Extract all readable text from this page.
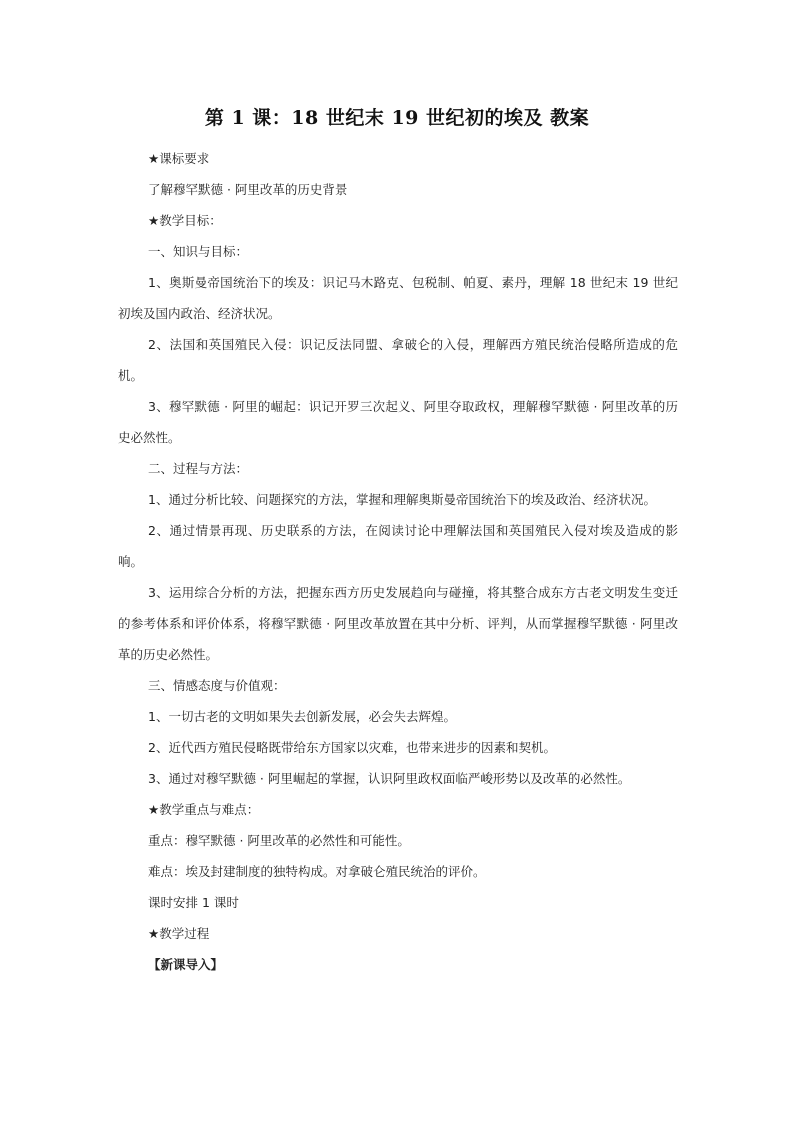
第 1 课：18 世纪末 19 世纪初的埃及 教案

★课标要求

了解穆罕默德 · 阿里改革的历史背景

★教学目标：

一、知识与目标：

1、奥斯曼帝国统治下的埃及：识记马木路克、包税制、帕夏、素丹，理解 18 世纪末 19 世纪初埃及国内政治、经济状况。

2、法国和英国殖民入侵：识记反法同盟、拿破仑的入侵，理解西方殖民统治侵略所造成的危机。

3、穆罕默德 · 阿里的崛起：识记开罗三次起义、阿里夺取政权，理解穆罕默德 · 阿里改革的历史必然性。

二、过程与方法：

1、通过分析比较、问题探究的方法，掌握和理解奥斯曼帝国统治下的埃及政治、经济状况。

2、通过情景再现、历史联系的方法，在阅读讨论中理解法国和英国殖民入侵对埃及造成的影响。

3、运用综合分析的方法，把握东西方历史发展趋向与碰撞，将其整合成东方古老文明发生变迁的参考体系和评价体系，将穆罕默德 · 阿里改革放置在其中分析、评判，从而掌握穆罕默德 · 阿里改革的历史必然性。

三、情感态度与价值观：

1、一切古老的文明如果失去创新发展，必会失去辉煌。

2、近代西方殖民侵略既带给东方国家以灾难，也带来进步的因素和契机。

3、通过对穆罕默德 · 阿里崛起的掌握，认识阿里政权面临严峻形势以及改革的必然性。

★教学重点与难点：

重点：穆罕默德 · 阿里改革的必然性和可能性。

难点：埃及封建制度的独特构成。对拿破仑殖民统治的评价。

课时安排 1 课时

★教学过程

【新课导入】
